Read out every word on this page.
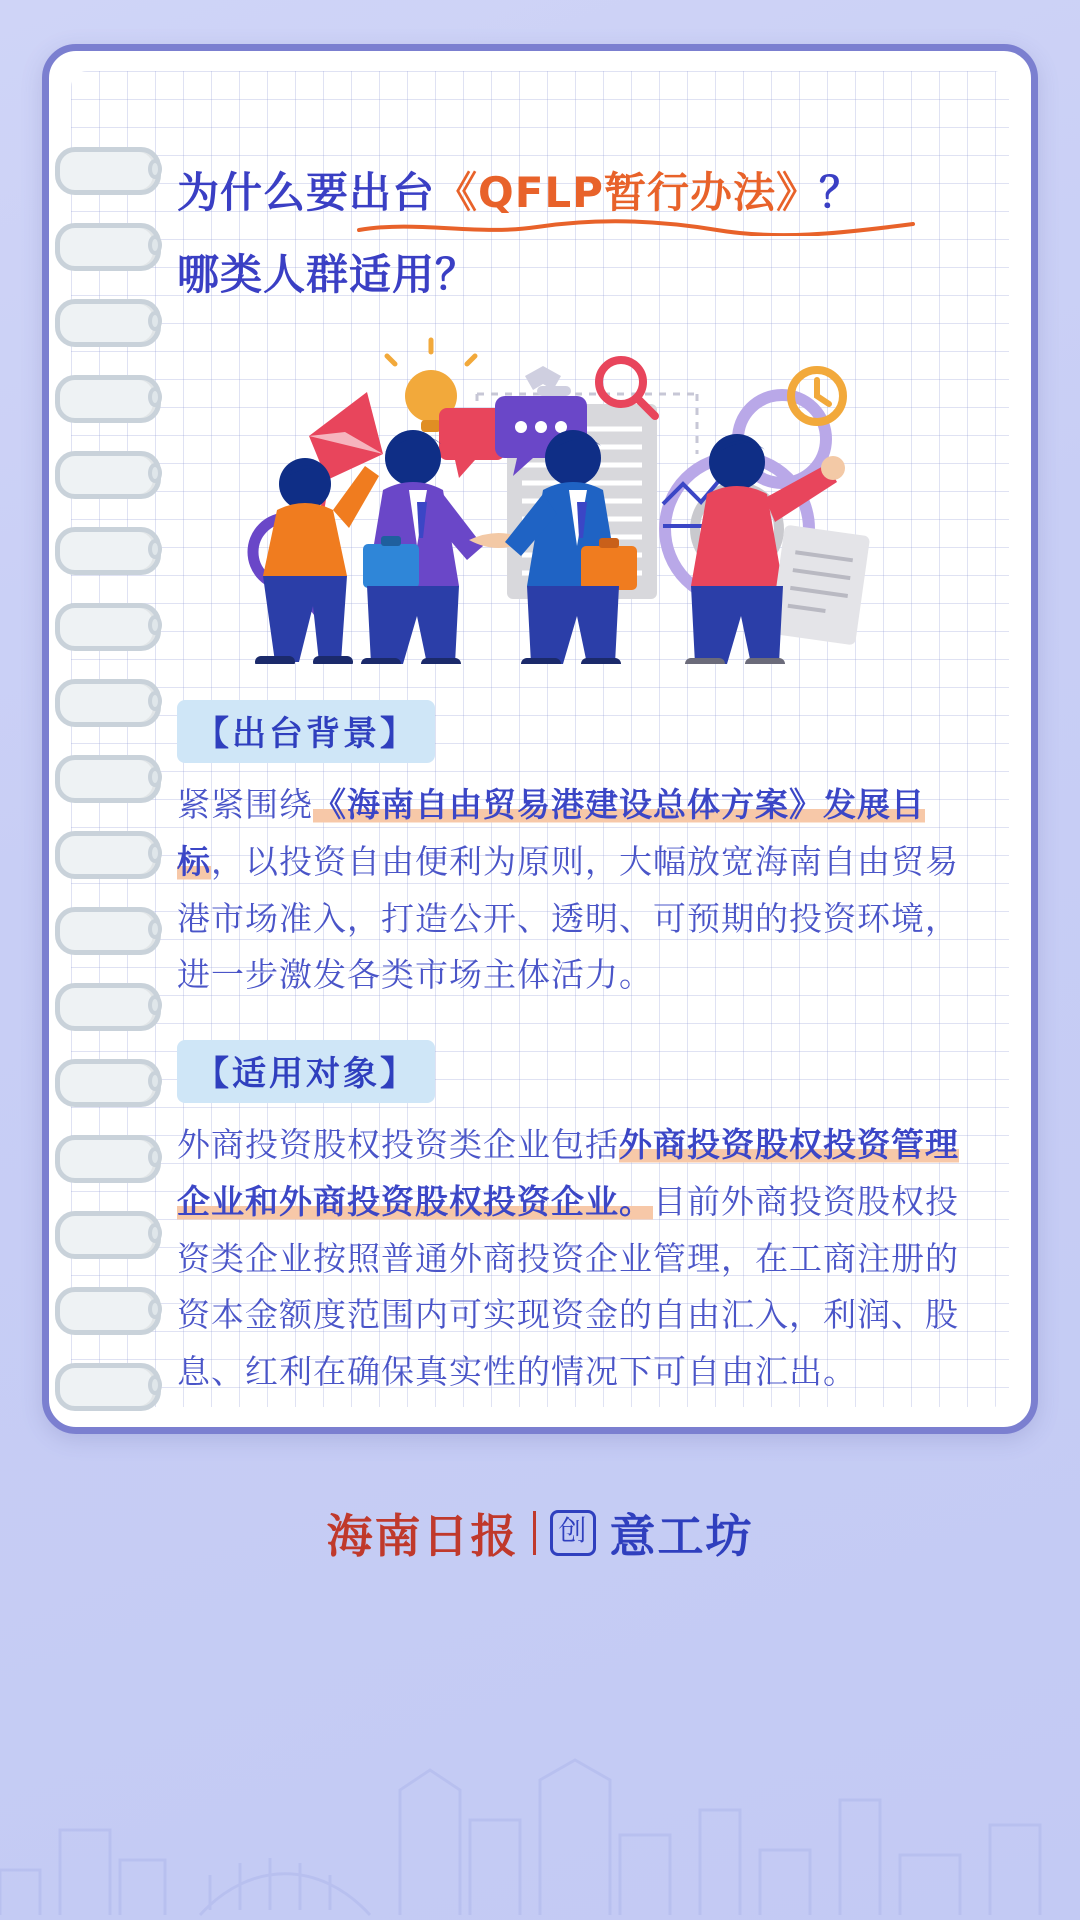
为什么要出台《QFLP暂行办法》？
哪类人群适用？
【出台背景】
紧紧围绕《海南自由贸易港建设总体方案》发展目标，以投资自由便利为原则，大幅放宽海南自由贸易港市场准入，打造公开、透明、可预期的投资环境，进一步激发各类市场主体活力。
【适用对象】
外商投资股权投资类企业包括外商投资股权投资管理企业和外商投资股权投资企业。目前外商投资股权投资类企业按照普通外商投资企业管理，在工商注册的资本金额度范围内可实现资金的自由汇入，利润、股息、红利在确保真实性的情况下可自由汇出。
海南日报	创 意工坊
